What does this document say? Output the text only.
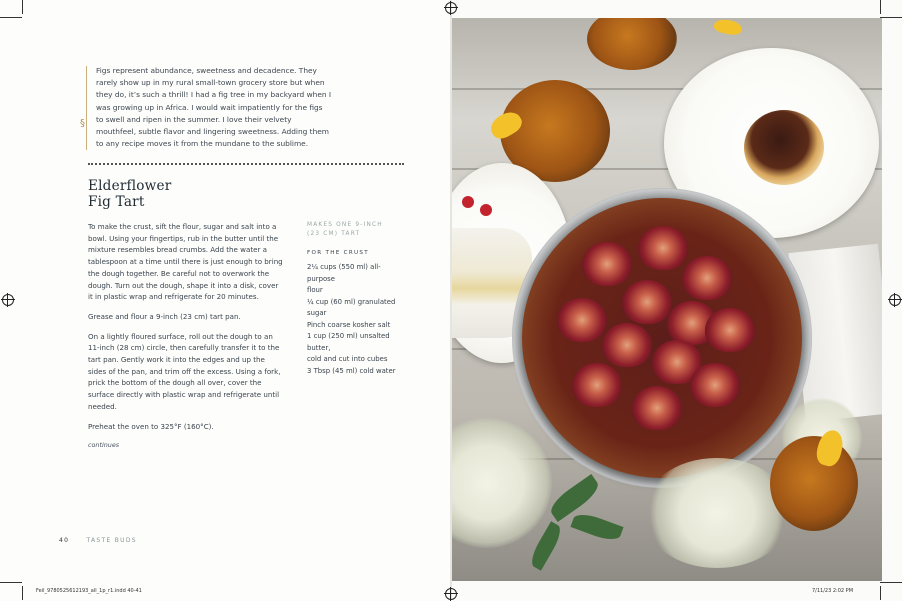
§
Figs represent abundance, sweetness and decadence. They rarely show up in my rural small-town grocery store but when they do, it’s such a thrill! I had a fig tree in my backyard when I was growing up in Africa. I would wait impatiently for the figs to swell and ripen in the summer. I love their velvety mouthfeel, subtle flavor and lingering sweetness. Adding them to any recipe moves it from the mundane to the sublime.
Elderflower
Fig Tart

To make the crust, sift the flour, sugar and salt into a bowl. Using your fingertips, rub in the butter until the mixture resembles bread crumbs. Add the water a tablespoon at a time until there is just enough to bring the dough together. Be careful not to overwork the dough. Turn out the dough, shape it into a disk, cover it in plastic wrap and refrigerate for 20 minutes.

Grease and flour a 9-inch (23 cm) tart pan.

On a lightly floured surface, roll out the dough to an 11-inch (28 cm) circle, then carefully transfer it to the tart pan. Gently work it into the edges and up the sides of the pan, and trim off the excess. Using a fork, prick the bottom of the dough all over, cover the surface directly with plastic wrap and refrigerate until needed.

Preheat the oven to 325°F (160°C).

continues

MAKES ONE 9-INCH
(23 CM) TART
FOR THE CRUST
2¼ cups (550 ml) all-purpose
flour
¼ cup (60 ml) granulated sugar
Pinch coarse kosher salt
1 cup (250 ml) unsalted butter,
cold and cut into cubes
3 Tbsp (45 ml) cold water
40	TASTE BUDS
Feil_9780525612193_all_1p_r1.indd 40-41	7/11/23 2:02 PM
